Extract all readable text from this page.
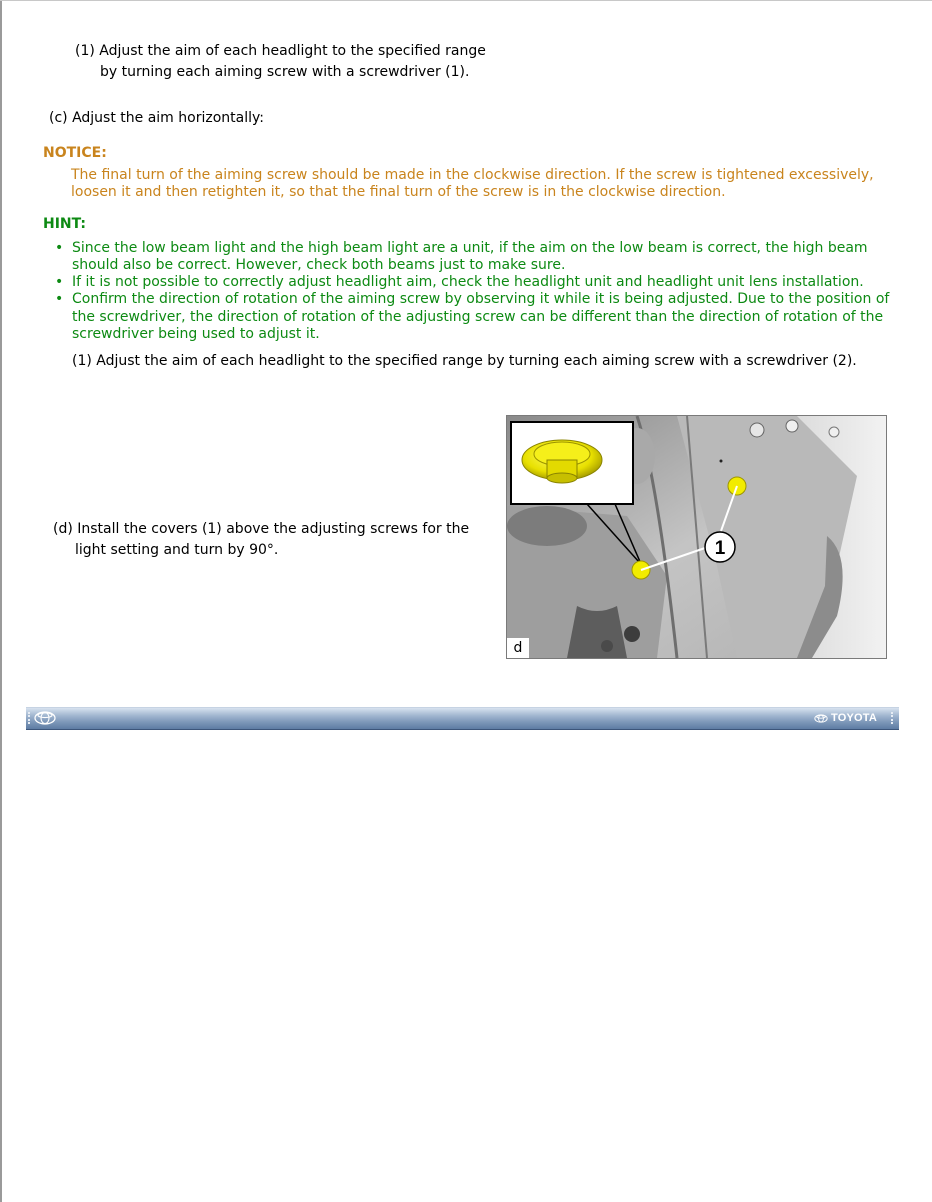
(1) Adjust the aim of each headlight to the specified range
by turning each aiming screw with a screwdriver (1).
(c) Adjust the aim horizontally:
NOTICE:
The final turn of the aiming screw should be made in the clockwise direction. If the screw is tightened excessively,
loosen it and then retighten it, so that the final turn of the screw is in the clockwise direction.
HINT:
• Since the low beam light and the high beam light are a unit, if the aim on the low beam is correct, the high beam
should also be correct. However, check both beams just to make sure.
• If it is not possible to correctly adjust headlight aim, check the headlight unit and headlight unit lens installation.
• Confirm the direction of rotation of the aiming screw by observing it while it is being adjusted. Due to the position of
the screwdriver, the direction of rotation of the adjusting screw can be different than the direction of rotation of the
screwdriver being used to adjust it.
(1) Adjust the aim of each headlight to the specified range by turning each aiming screw with a screwdriver (2).
(d) Install the covers (1) above the adjusting screws for the
light setting and turn by 90°.	1
d
TOYOTA
